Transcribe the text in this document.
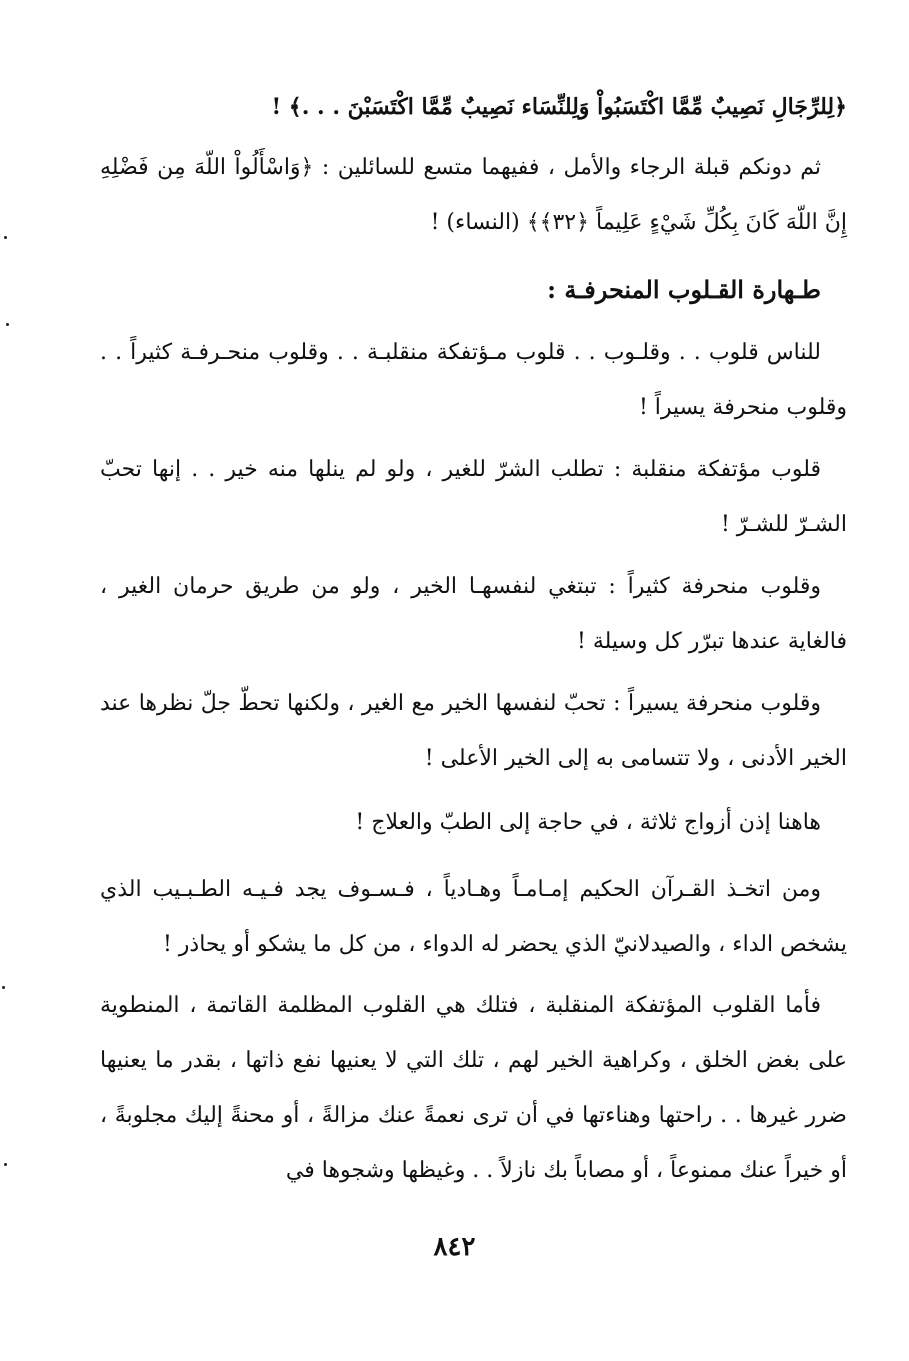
﴿لِلرِّجَالِ نَصِيبٌ مِّمَّا اكْتَسَبُواْ وَلِلنِّسَاء نَصِيبٌ مِّمَّا اكْتَسَبْنَ . . .﴾ !

ثم دونكم قبلة الرجاء والأمل ، ففيهما متسع للسائلين : ﴿وَاسْأَلُواْ اللّهَ مِن فَضْلِهِ إِنَّ اللّهَ كَانَ بِكُلِّ شَيْءٍ عَلِيماً ﴿٣٢﴾﴾ (النساء) !

طـهارة القـلوب المنحرفـة :

للناس قلوب . . وقلـوب . . قلوب مـؤتفكة منقلبـة . . وقلوب منحـرفـة كثيراً . . وقلوب منحرفة يسيراً !

قلوب مؤتفكة منقلبة : تطلب الشرّ للغير ، ولو لم ينلها منه خير . . إنها تحبّ الشـرّ للشـرّ !

وقلوب منحرفة كثيراً : تبتغي لنفسهـا الخير ، ولو من طريق حرمان الغير ، فالغاية عندها تبرّر كل وسيلة !

وقلوب منحرفة يسيراً : تحبّ لنفسها الخير مع الغير ، ولكنها تحطّ جلّ نظرها عند الخير الأدنى ، ولا تتسامى به إلى الخير الأعلى !

هاهنا إذن أزواج ثلاثة ، في حاجة إلى الطبّ والعلاج !

ومن اتخـذ القـرآن الحكيم إمـامـاً وهـادياً ، فـسـوف يجد فـيـه الطـبـيب الذي يشخص الداء ، والصيدلانيّ الذي يحضر له الدواء ، من كل ما يشكو أو يحاذر !

فأما القلوب المؤتفكة المنقلبة ، فتلك هي القلوب المظلمة القاتمة ، المنطوية على بغض الخلق ، وكراهية الخير لهم ، تلك التي لا يعنيها نفع ذاتها ، بقدر ما يعنيها ضرر غيرها . . راحتها وهناءتها في أن ترى نعمةً عنك مزالةً ، أو محنةً إليك مجلوبةً ، أو خيراً عنك ممنوعاً ، أو مصاباً بك نازلاً . . وغيظها وشجوها في

٨٤٢
